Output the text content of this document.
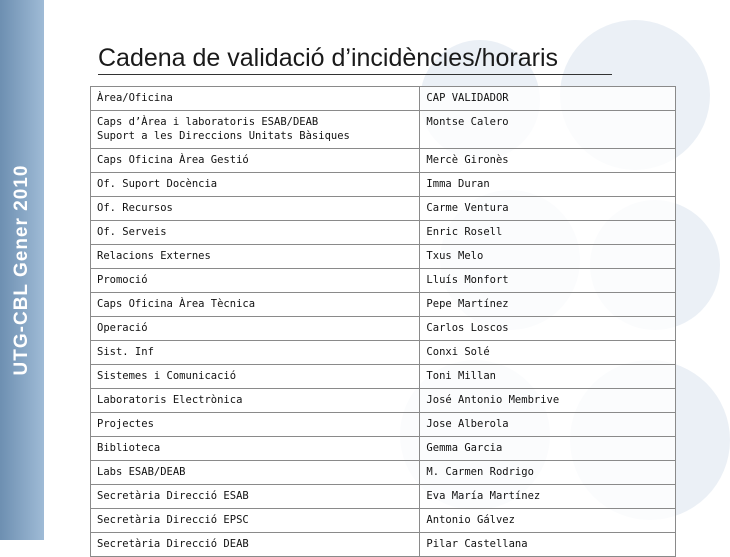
UTG-CBL Gener 2010
Cadena de validació d’incidències/horaris
Àrea/Oficina	CAP VALIDADOR
Caps d’Àrea i laboratoris ESAB/DEAB
Suport a les Direccions Unitats Bàsiques	Montse Calero
Caps Oficina Àrea Gestió	Mercè Gironès
Of. Suport Docència	Imma Duran
Of. Recursos	Carme Ventura
Of. Serveis	Enric Rosell
Relacions Externes	Txus Melo
Promoció	Lluís Monfort
Caps Oficina Àrea Tècnica	Pepe Martínez
Operació	Carlos Loscos
Sist. Inf	Conxi Solé
Sistemes i Comunicació	Toni Millan
Laboratoris Electrònica	José Antonio Membrive
Projectes	Jose Alberola
Biblioteca	Gemma Garcia
Labs ESAB/DEAB	M. Carmen Rodrigo
Secretària Direcció ESAB	Eva María Martínez
Secretària Direcció EPSC	Antonio Gálvez
Secretària Direcció DEAB	Pilar Castellana
